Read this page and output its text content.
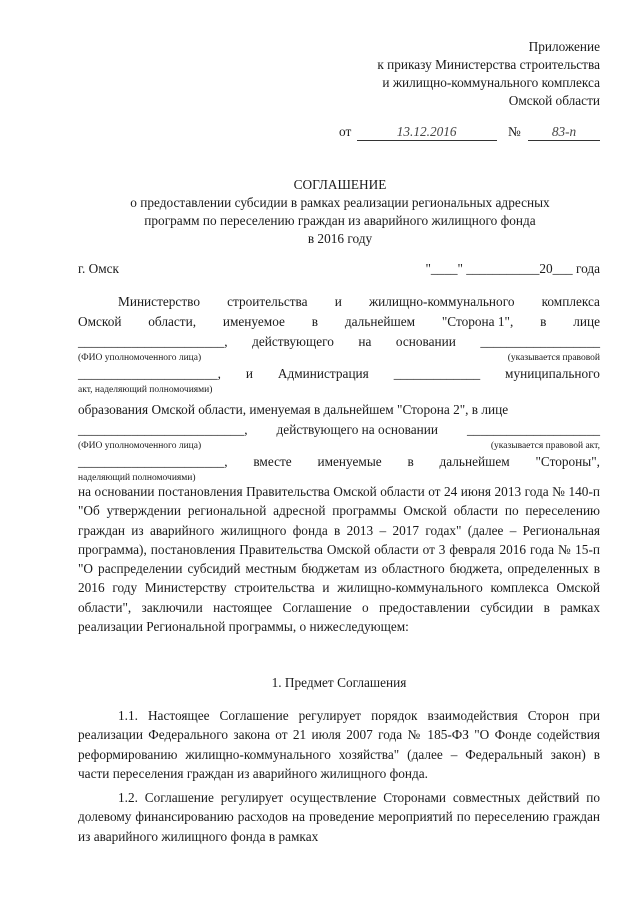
Приложение
к приказу Министерства строительства
и жилищно-коммунального комплекса
Омской области
от	13.12.2016	№ 83-п
СОГЛАШЕНИЕ
о предоставлении субсидии в рамках реализации региональных адресных
программ по переселению граждан из аварийного жилищного фонда
в 2016 году
г. Омск	"____" ___________20___ года
Министерство строительства и жилищно-коммунального комплекса
Омской области, именуемое в дальнейшем "Сторона 1", в лице
______________________, действующего на основании __________________
(ФИО уполномоченного лица)	(указывается правовой
_____________________, и Администрация _____________ муниципального
акт, наделяющий полномочиями)
образования Омской области, именуемая в дальнейшем "Сторона 2", в лице
_________________________, действующего на основании ____________________
(ФИО уполномоченного лица)	(указывается правовой акт,
______________________, вместе именуемые в дальнейшем "Стороны",
наделяющий полномочиями)
на основании постановления Правительства Омской области от 24 июня 2013 года № 140-п "Об утверждении региональной адресной программы Омской области по переселению граждан из аварийного жилищного фонда в 2013 – 2017 годах" (далее – Региональная программа), постановления Правительства Омской области от 3 февраля 2016 года № 15-п "О распределении субсидий местным бюджетам из областного бюджета, определенных в 2016 году Министерству строительства и жилищно-коммунального комплекса Омской области", заключили настоящее Соглашение о предоставлении субсидии в рамках реализации Региональной программы, о нижеследующем:
1. Предмет Соглашения
1.1. Настоящее Соглашение регулирует порядок взаимодействия Сторон при реализации Федерального закона от 21 июля 2007 года № 185-ФЗ "О Фонде содействия реформированию жилищно-коммунального хозяйства" (далее – Федеральный закон) в части переселения граждан из аварийного жилищного фонда.
1.2. Соглашение регулирует осуществление Сторонами совместных действий по долевому финансированию расходов на проведение мероприятий по переселению граждан из аварийного жилищного фонда в рамках
